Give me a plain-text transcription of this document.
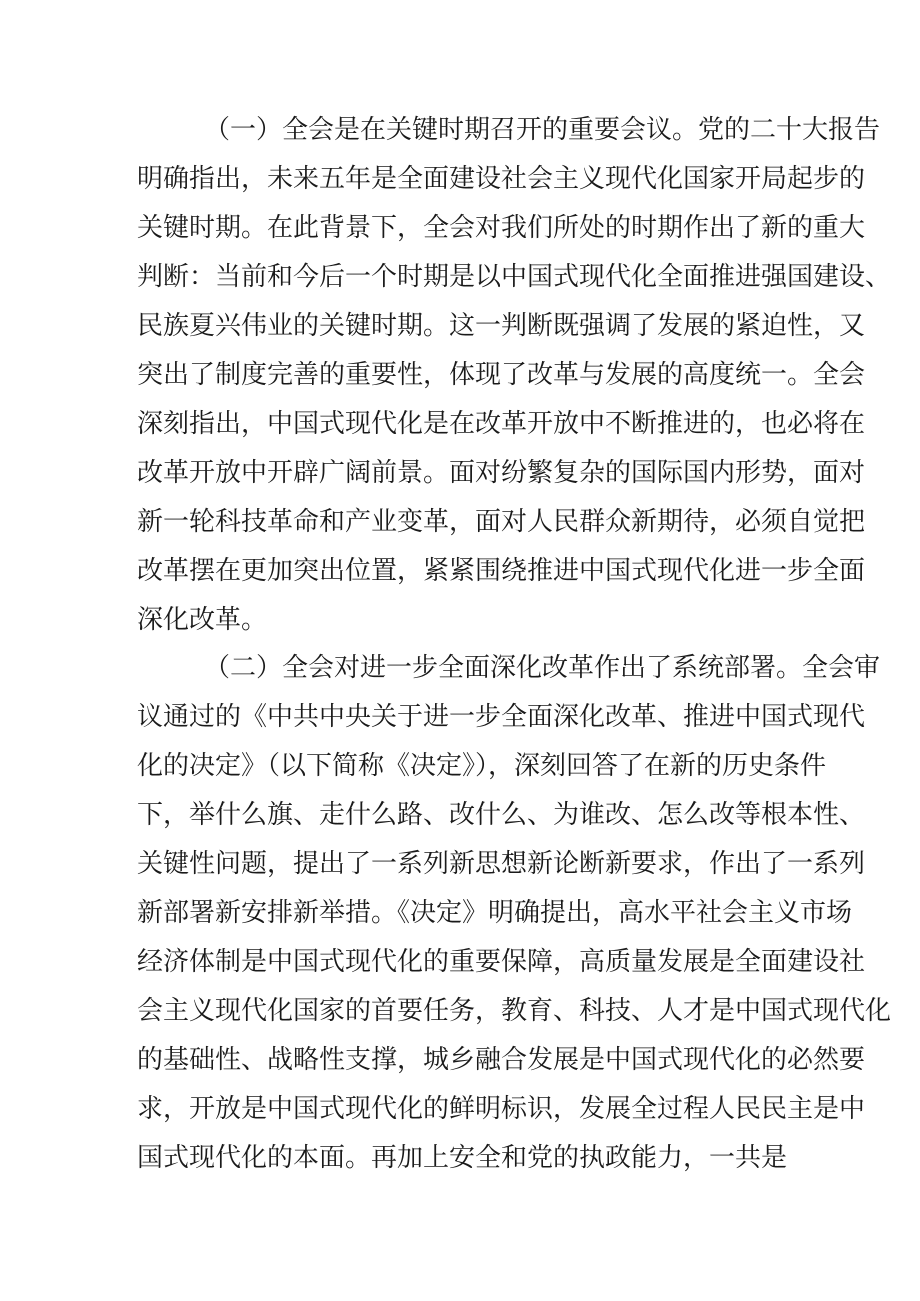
（一）全会是在关键时期召开的重要会议。党的二十大报告
明确指出，未来五年是全面建设社会主义现代化国家开局起步的
关键时期。在此背景下，全会对我们所处的时期作出了新的重大
判断：当前和今后一个时期是以中国式现代化全面推进强国建设、
民族夏兴伟业的关键时期。这一判断既强调了发展的紧迫性，又
突出了制度完善的重要性，体现了改革与发展的高度统一。全会
深刻指出，中国式现代化是在改革开放中不断推进的，也必将在
改革开放中开辟广阔前景。面对纷繁复杂的国际国内形势，面对
新一轮科技革命和产业变革，面对人民群众新期待，必须自觉把
改革摆在更加突出位置，紧紧围绕推进中国式现代化进一步全面
深化改革。
（二）全会对进一步全面深化改革作出了系统部署。全会审
议通过的《中共中央关于进一步全面深化改革、推进中国式现代
化的决定》（以下简称《决定》），深刻回答了在新的历史条件
下，举什么旗、走什么路、改什么、为谁改、怎么改等根本性、
关键性问题，提出了一系列新思想新论断新要求，作出了一系列
新部署新安排新举措。《决定》明确提出，高水平社会主义市场
经济体制是中国式现代化的重要保障，高质量发展是全面建设社
会主义现代化国家的首要任务，教育、科技、人才是中国式现代化
的基础性、战略性支撑，城乡融合发展是中国式现代化的必然要
求，开放是中国式现代化的鲜明标识，发展全过程人民民主是中
国式现代化的本面。再加上安全和党的执政能力，一共是
